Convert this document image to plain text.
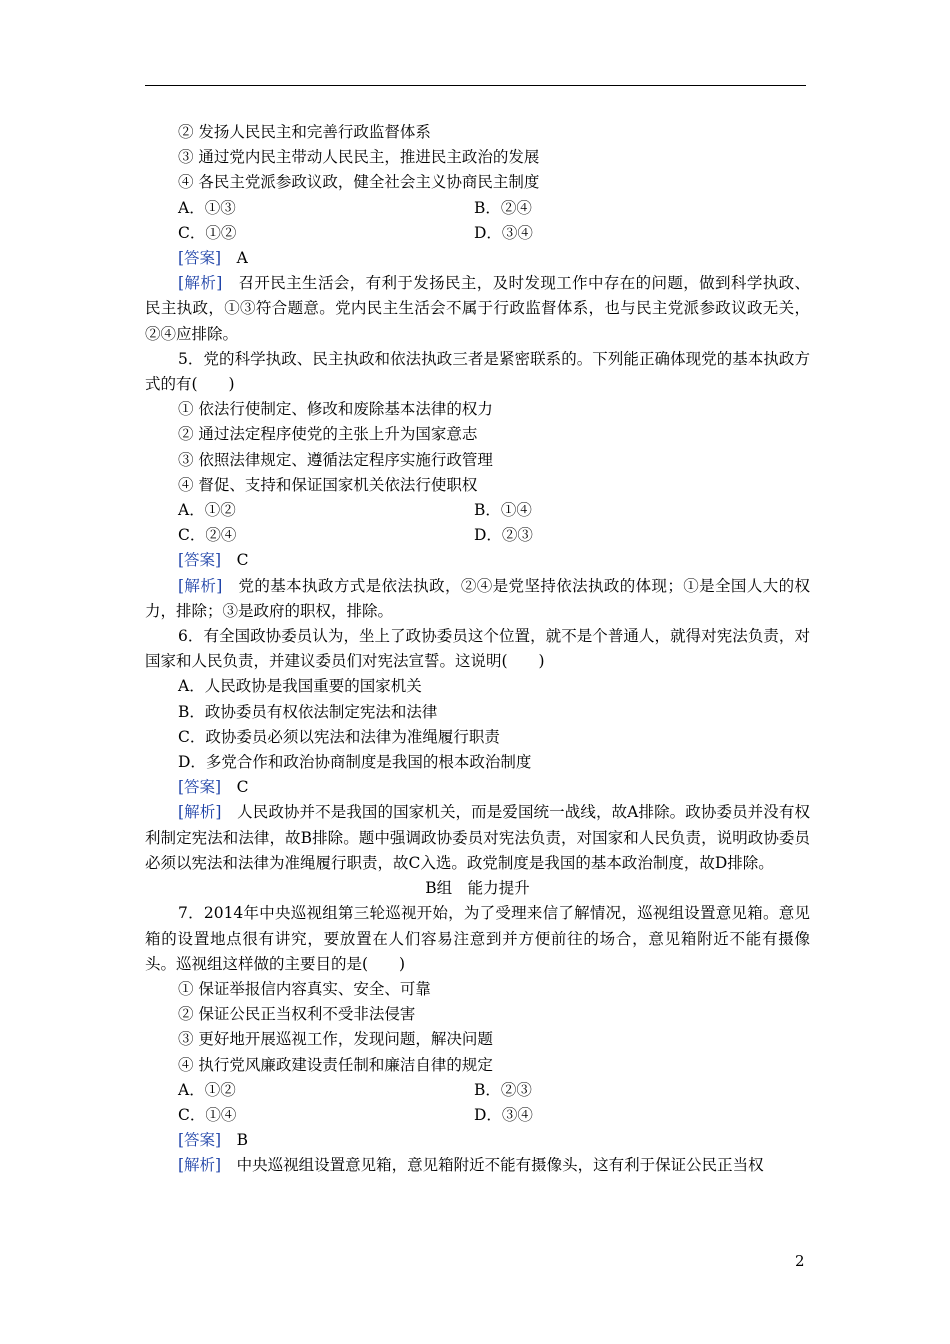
② 发扬人民民主和完善行政监督体系

③ 通过党内民主带动人民民主，推进民主政治的发展

④ 各民主党派参政议政，健全社会主义协商民主制度

A．①③	B．②④
C．①②	D．③④

[答案]　A

[解析]　召开民主生活会，有利于发扬民主，及时发现工作中存在的问题，做到科学执政、民主执政，①③符合题意。党内民主生活会不属于行政监督体系，也与民主党派参政议政无关，②④应排除。

5．党的科学执政、民主执政和依法执政三者是紧密联系的。下列能正确体现党的基本执政方式的有(　　)

① 依法行使制定、修改和废除基本法律的权力

② 通过法定程序使党的主张上升为国家意志

③ 依照法律规定、遵循法定程序实施行政管理

④ 督促、支持和保证国家机关依法行使职权

A．①②	B．①④
C．②④	D．②③

[答案]　C

[解析]　党的基本执政方式是依法执政，②④是党坚持依法执政的体现；①是全国人大的权力，排除；③是政府的职权，排除。

6．有全国政协委员认为，坐上了政协委员这个位置，就不是个普通人，就得对宪法负责，对国家和人民负责，并建议委员们对宪法宣誓。这说明(　　)

A．人民政协是我国重要的国家机关

B．政协委员有权依法制定宪法和法律

C．政协委员必须以宪法和法律为准绳履行职责

D．多党合作和政治协商制度是我国的根本政治制度

[答案]　C

[解析]　人民政协并不是我国的国家机关，而是爱国统一战线，故A排除。政协委员并没有权利制定宪法和法律，故B排除。题中强调政协委员对宪法负责，对国家和人民负责，说明政协委员必须以宪法和法律为准绳履行职责，故C入选。政党制度是我国的基本政治制度，故D排除。

B组　能力提升

7．2014年中央巡视组第三轮巡视开始，为了受理来信了解情况，巡视组设置意见箱。意见箱的设置地点很有讲究，要放置在人们容易注意到并方便前往的场合，意见箱附近不能有摄像头。巡视组这样做的主要目的是(　　)

① 保证举报信内容真实、安全、可靠

② 保证公民正当权利不受非法侵害

③ 更好地开展巡视工作，发现问题，解决问题

④ 执行党风廉政建设责任制和廉洁自律的规定

A．①②	B．②③
C．①④	D．③④

[答案]　B

[解析]　中央巡视组设置意见箱，意见箱附近不能有摄像头，这有利于保证公民正当权

2
